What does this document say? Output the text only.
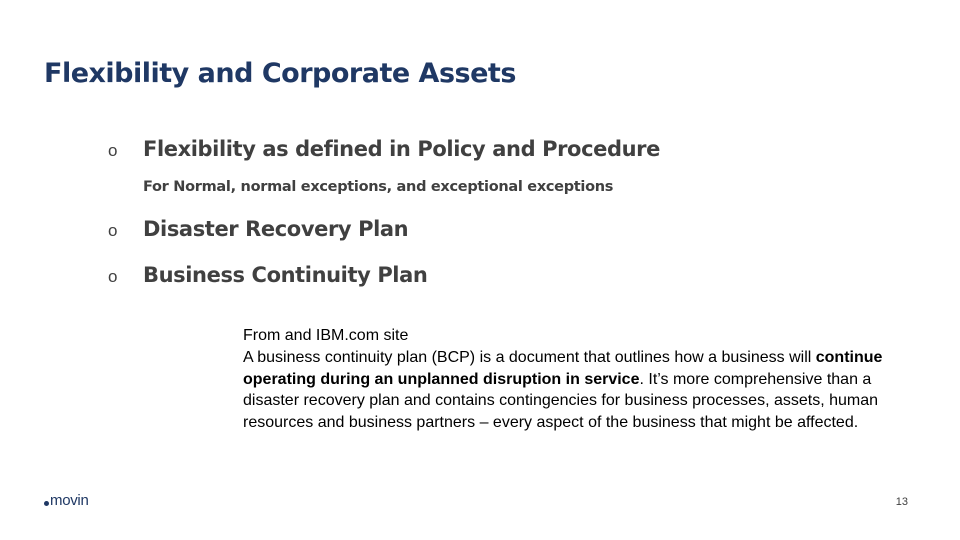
Flexibility and Corporate Assets
o	Flexibility as defined in Policy and Procedure
For Normal, normal exceptions, and exceptional exceptions
o	Disaster Recovery Plan
o	Business Continuity Plan

From and IBM.com site

A business continuity plan (BCP) is a document that outlines how a business will continue operating during an unplanned disruption in service. It’s more comprehensive than a disaster recovery plan and contains contingencies for business processes, assets, human resources and business partners – every aspect of the business that might be affected.

movin	13
